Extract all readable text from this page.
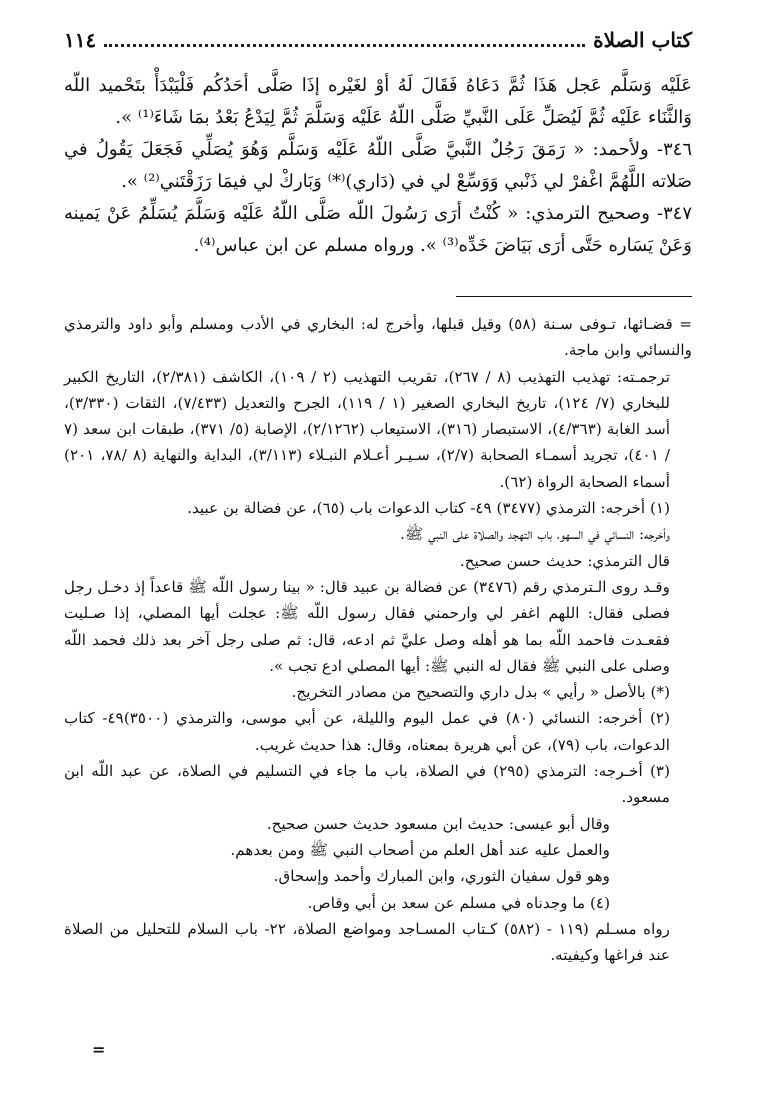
كتاب الصلاة
١١٤

عَلَيْه وَسَلَّم عَجل هَذَا ثُمَّ دَعَاهُ فَقَالَ لَهُ أوْ لغَيْره إذَا صَلَّى أحَدُكُم فَلْيَبْدَأْ بتَحْميد اللّه وَالثَّنَاء عَلَيْه ثُمَّ لَيُصَلِّ عَلَى النَّبيِّ صَلَّى اللّهُ عَلَيْه وَسَلَّمَ ثُمَّ لِيَدْعُ بَعْدُ بمَا شَاءَ⁽¹⁾ ».

٣٤٦- ولأحمد: « رَمَقَ رَجُلٌ النَّبيَّ صَلَّى اللّهُ عَلَيْه وَسَلَّم وَهُوَ يُصَلِّي فَجَعَلَ يَقُولُ في صَلاته اللَّهُمَّ اغْفرْ لي ذَنْبي وَوَسِّعْ لي في (دَاري)⁽*⁾ وَبَاركْ لي فيمَا رَزَقْتَني⁽²⁾ ».

٣٤٧- وصحيح الترمذي: « كُنْتُ أرَى رَسُولَ اللّه صَلَّى اللّهُ عَلَيْه وَسَلَّمَ يُسَلِّمُ عَنْ يَمينه وَعَنْ يَسَاره حَتَّى أرَى بَيَاضَ خَدِّه⁽³⁾ ». ورواه مسلم عن ابن عباس⁽⁴⁾.

= قضـائها، تـوفى سـنة (٥٨) وقيل قبلها، وأخرج له: البخاري في الأدب ومسلم وأبو داود والترمذي والنسائي وابن ماجة.

ترجمـته: تهذيب التهذيب (٨ / ٢٦٧)، تقريب التهذيب (٢ / ١٠٩)، الكاشف (٢/٣٨١)، التاريخ الكبير للبخاري (٧/ ١٢٤)، تاريخ البخاري الصغير (١ / ١١٩)، الجرح والتعديل (٧/٤٣٣)، الثقات (٣/٣٣٠)، أسد الغابة (٤/٣٦٣)، الاستبصار (٣١٦)، الاستيعاب (٢/١٢٦٢)، الإصابة (٥/ ٣٧١)، طبقات ابن سعد (٧ / ٤٠١)، تجريد أسمـاء الصحابة (٢/٧)، سـيـر أعـلام النبـلاء (٣/١١٣)، البداية والنهاية (٨ /٧٨، ٢٠١) أسماء الصحابة الرواة (٦٢).

(١) أخرجه: الترمذي (٣٤٧٧) ٤٩- كتاب الدعوات باب (٦٥)، عن فضالة بن عبيد.

وأخرجه: النسائي في السهو، باب التهجد والصلاة على النبي ﷺ.

قال الترمذي: حديث حسن صحيح.

وقـد روى الـترمذي رقم (٣٤٧٦) عن فضالة بن عبيد قال: « بينا رسول اللّه ﷺ قاعداً إذ دخـل رجل فصلى فقال: اللهم اغفر لي وارحمني فقال رسول اللّه ﷺ: عجلت أيها المصلي، إذا صـليت فقعـدت فاحمد اللّه بما هو أهله وصل عليَّ ثم ادعه، قال: ثم صلى رجل آخر بعد ذلك فحمد اللّه وصلى على النبي ﷺ فقال له النبي ﷺ: أيها المصلي ادع تجب ».

(*) بالأصل « رأيي » بدل داري والتصحيح من مصادر التخريج.

(٢) أخرجه: النسائي (٨٠) في عمل اليوم والليلة، عن أبي موسى، والترمذي (٣٥٠٠)٤٩- كتاب الدعوات، باب (٧٩)، عن أبي هريرة بمعناه، وقال: هذا حديث غريب.

(٣) أخـرجه: الترمذي (٢٩٥) في الصلاة، باب ما جاء في التسليم في الصلاة، عن عبد اللّه ابن مسعود.

وقال أبو عيسى: حديث ابن مسعود حديث حسن صحيح.

والعمل عليه عند أهل العلم من أصحاب النبي ﷺ ومن بعدهم.

وهو قول سفيان الثوري، وابن المبارك وأحمد وإسحاق.

(٤) ما وجدناه في مسلم عن سعد بن أبي وقاص.

رواه مسـلم (١١٩ - (٥٨٢) كـتاب المسـاجد ومواضع الصلاة، ٢٢- باب السلام للتحليل من الصلاة عند فراغها وكيفيته.

=
